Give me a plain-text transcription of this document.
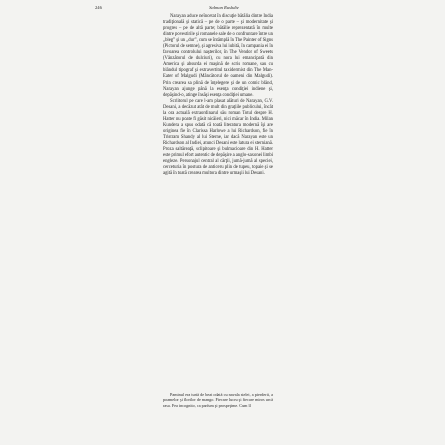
246	Salman Rushdie

Narayan aduce neîncetat în discuţie bătălia dintre India tradiţională şi statică – pe de o parte – şi modernitate şi progres – pe de altă parte; bătălie reprezentată în multe dintre povestirile şi romanele sale de o confruntare între un „bleg” şi un „dur”, cum se întâmplă în The Painter of Signs (Pictorul de semne), şi agresiva lui iubită, în campania ei în favoarea controlului naşterilor, în The Vendor of Sweets (Vânzătorul de dulciuri), cu nora lui emancipată din America şi absurda ei maşină de scris romane, sau cu blândul tipograf şi extravertitul taxidermist din The Man-Eater of Malgudi (Mâncătorul de oameni din Malgudi). Prin crearea sa plină de înţelegere şi de un comic blând, Narayan ajunge până la esenţa condiţiei indiene şi, depăşind-o, atinge însăşi esenţa condiţiei umane.

Scriitorul pe care l-am plasat alături de Narayan, G.V. Desani, a decăzut atât de mult din graţiile publicului, încât la ora actuală extraordinarul său roman Totul despre H. Hatter nu poate fi găsit nicăieri, nici măcar în India. Milan Kundera a spus odată că toată literatura modernă îşi are originea fie în Clarissa Harlowe a lui Richardson, fie în Tristram Shandy al lui Sterne, iar dacă Narayan este un Richardson al Indiei, atunci Desani este latura ei sterniană. Proza saltăreaţă, sclipitoare şi bulmacioare din H. Hatter este primul efort autentic de depăşire a anglo-saxonei limbi engleze. Personajul central al cărţii, jumă-jumă al speciei, cerceturia în postura de anticeru plin de tupeu, topaie şi se agită în toată crearea multora dintre urmaşii lui Desani.

Paminul era turtă de beat odată cu navala stelei, a pierderii, a poamelor şi florilor de mango. Fiecare lucru şi fiecare miros urcă rasa. Fea incognito, ca parfum şi prospeţime. Cum îl
